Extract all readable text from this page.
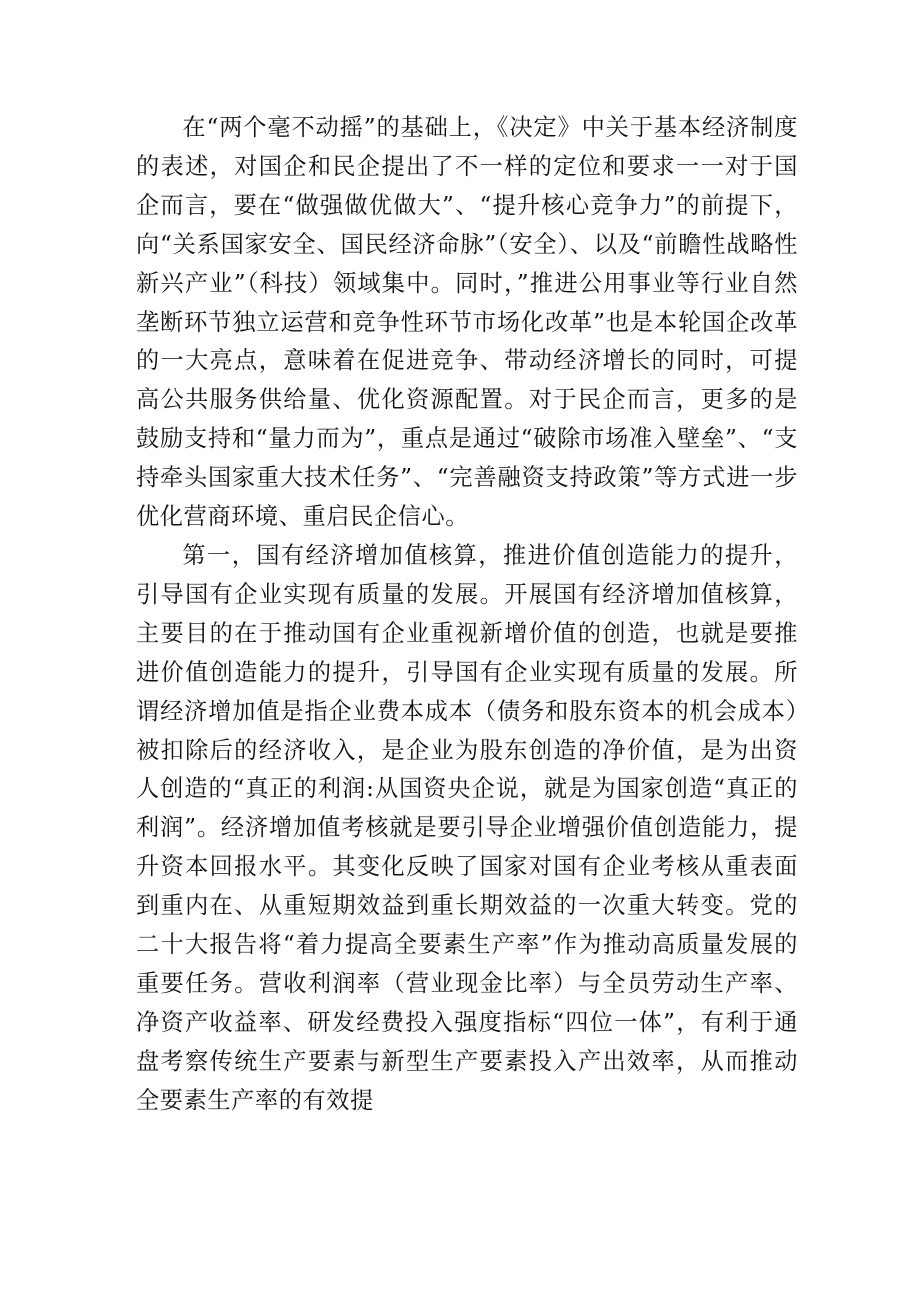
在“两个毫不动摇”的基础上，《决定》中关于基本经济制度的表述，对国企和民企提出了不一样的定位和要求一一对于国企而言，要在“做强做优做大”、“提升核心竞争力”的前提下，向“关系国家安全、国民经济命脉”（安全）、以及“前瞻性战略性新兴产业”（科技）领域集中。同时，”推进公用事业等行业自然垄断环节独立运营和竞争性环节市场化改革”也是本轮国企改革的一大亮点，意味着在促进竞争、带动经济增长的同时，可提高公共服务供给量、优化资源配置。对于民企而言，更多的是鼓励支持和“量力而为”，重点是通过“破除市场准入壁垒”、“支持牵头国家重大技术任务”、“完善融资支持政策”等方式进一步优化营商环境、重启民企信心。

第一，国有经济增加值核算，推进价值创造能力的提升，引导国有企业实现有质量的发展。开展国有经济增加值核算，主要目的在于推动国有企业重视新增价值的创造，也就是要推进价值创造能力的提升，引导国有企业实现有质量的发展。所谓经济增加值是指企业费本成本（债务和股东资本的机会成本）被扣除后的经济收入，是企业为股东创造的净价值，是为出资人创造的“真正的利润:从国资央企说，就是为国家创造“真正的利润”。经济增加值考核就是要引导企业增强价值创造能力，提升资本回报水平。其变化反映了国家对国有企业考核从重表面到重内在、从重短期效益到重长期效益的一次重大转变。党的二十大报告将“着力提高全要素生产率”作为推动高质量发展的重要任务。营收利润率（营业现金比率）与全员劳动生产率、净资产收益率、研发经费投入强度指标“四位一体”，有利于通盘考察传统生产要素与新型生产要素投入产出效率，从而推动全要素生产率的有效提
